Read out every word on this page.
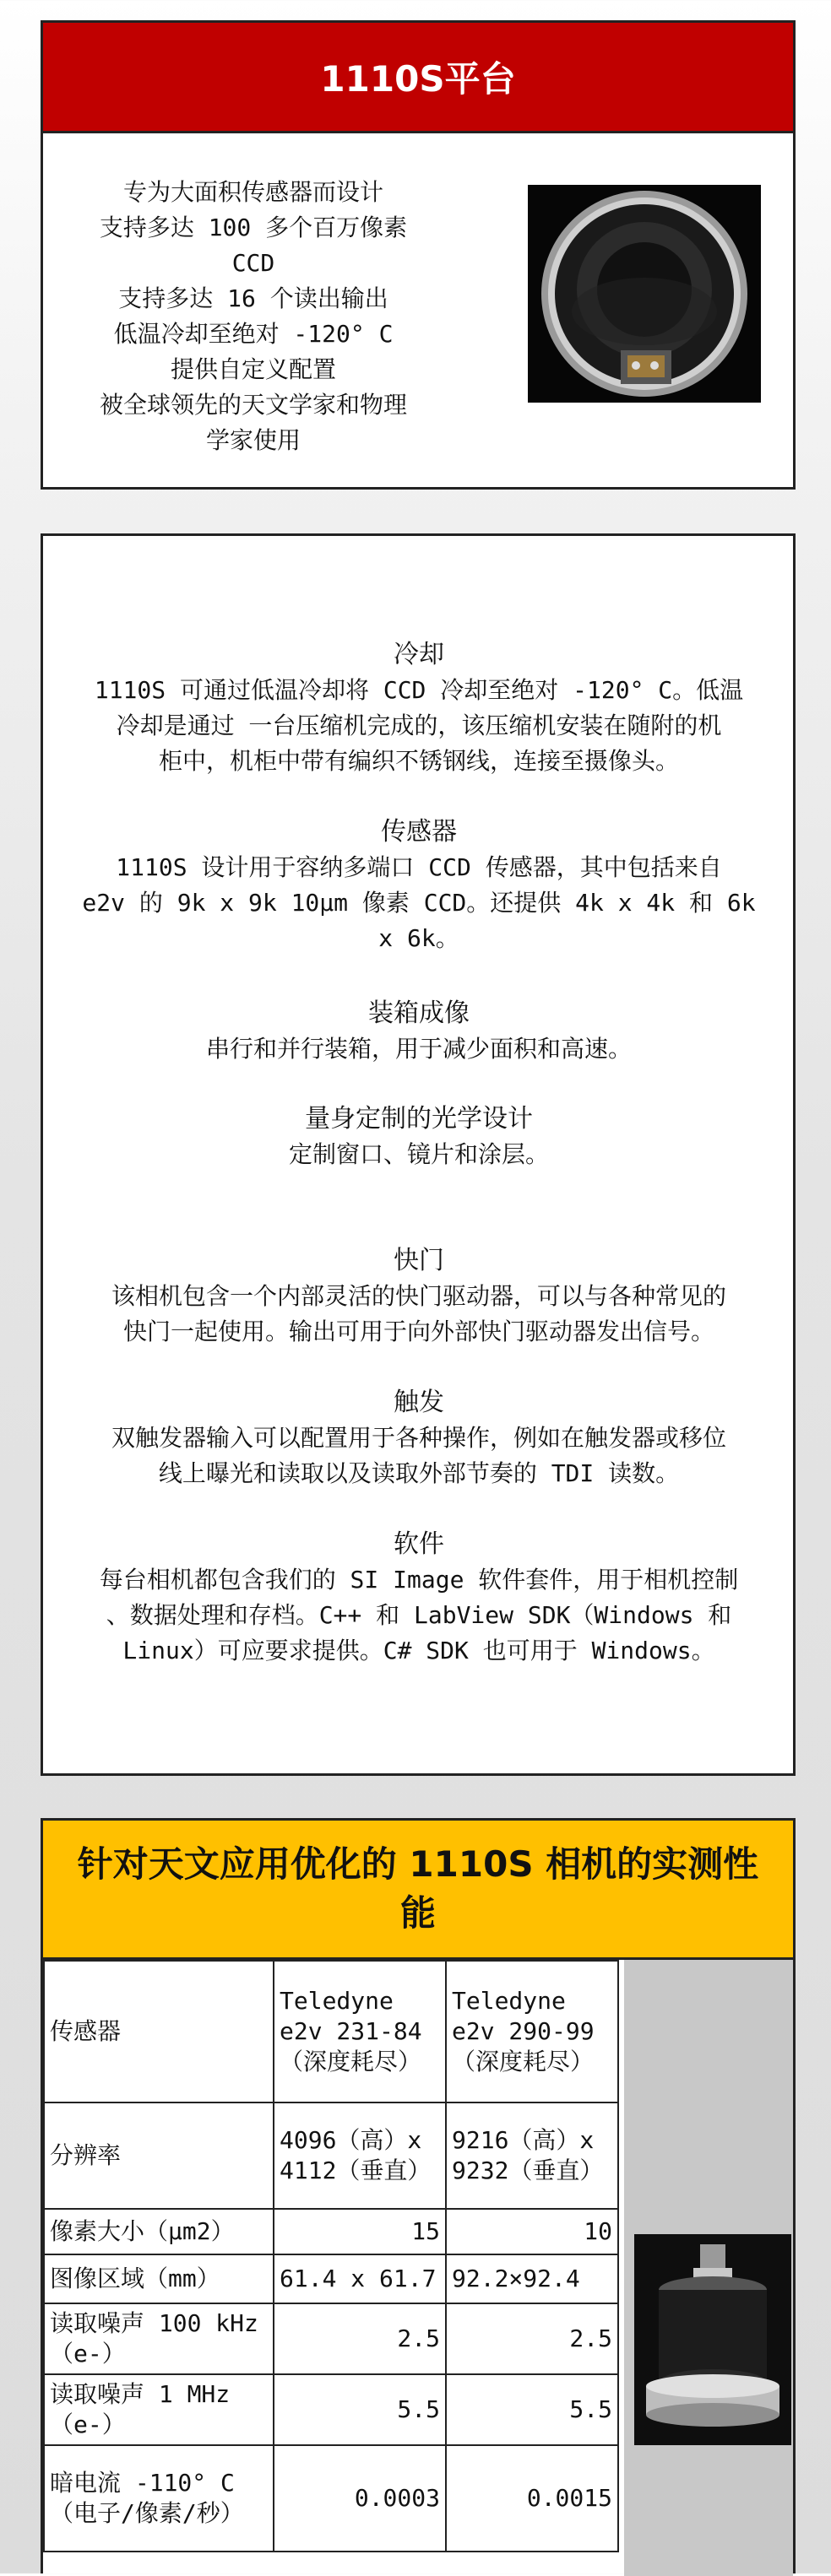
1110S平台
专为大面积传感器而设计
支持多达 100 多个百万像素
CCD
支持多达 16 个读出输出
低温冷却至绝对 -120° C
提供自定义配置
被全球领先的天文学家和物理
学家使用
冷却

1110S 可通过低温冷却将 CCD 冷却至绝对 -120° C。低温

冷却是通过 一台压缩机完成的，该压缩机安装在随附的机

柜中，机柜中带有编织不锈钢线，连接至摄像头。

传感器

1110S 设计用于容纳多端口 CCD 传感器，其中包括来自

e2v 的 9k x 9k 10µm 像素 CCD。还提供 4k x 4k 和 6k

x 6k。

装箱成像

串行和并行装箱，用于减少面积和高速。

量身定制的光学设计

定制窗口、镜片和涂层。

快门

该相机包含一个内部灵活的快门驱动器，可以与各种常见的

快门一起使用。输出可用于向外部快门驱动器发出信号。

触发

双触发器输入可以配置用于各种操作，例如在触发器或移位

线上曝光和读取以及读取外部节奏的 TDI 读数。

软件

每台相机都包含我们的 SI Image 软件套件，用于相机控制

、数据处理和存档。C++ 和 LabView SDK（Windows 和

Linux）可应要求提供。C# SDK 也可用于 Windows。

针对天文应用优化的 1110S 相机的实测性能
传感器	Teledyne e2v 231-84 （深度耗尽）	Teledyne e2v 290-99 （深度耗尽）
分辨率	4096（高）x 4112（垂直）	9216（高）x 9232（垂直）
像素大小（µm2）	15	10
图像区域（mm）	61.4 x 61.7	92.2×92.4
读取噪声 100 kHz（e-）	2.5	2.5
读取噪声 1 MHz（e-）	5.5	5.5
暗电流 -110° C（电子/像素/秒）	0.0003	0.0015
